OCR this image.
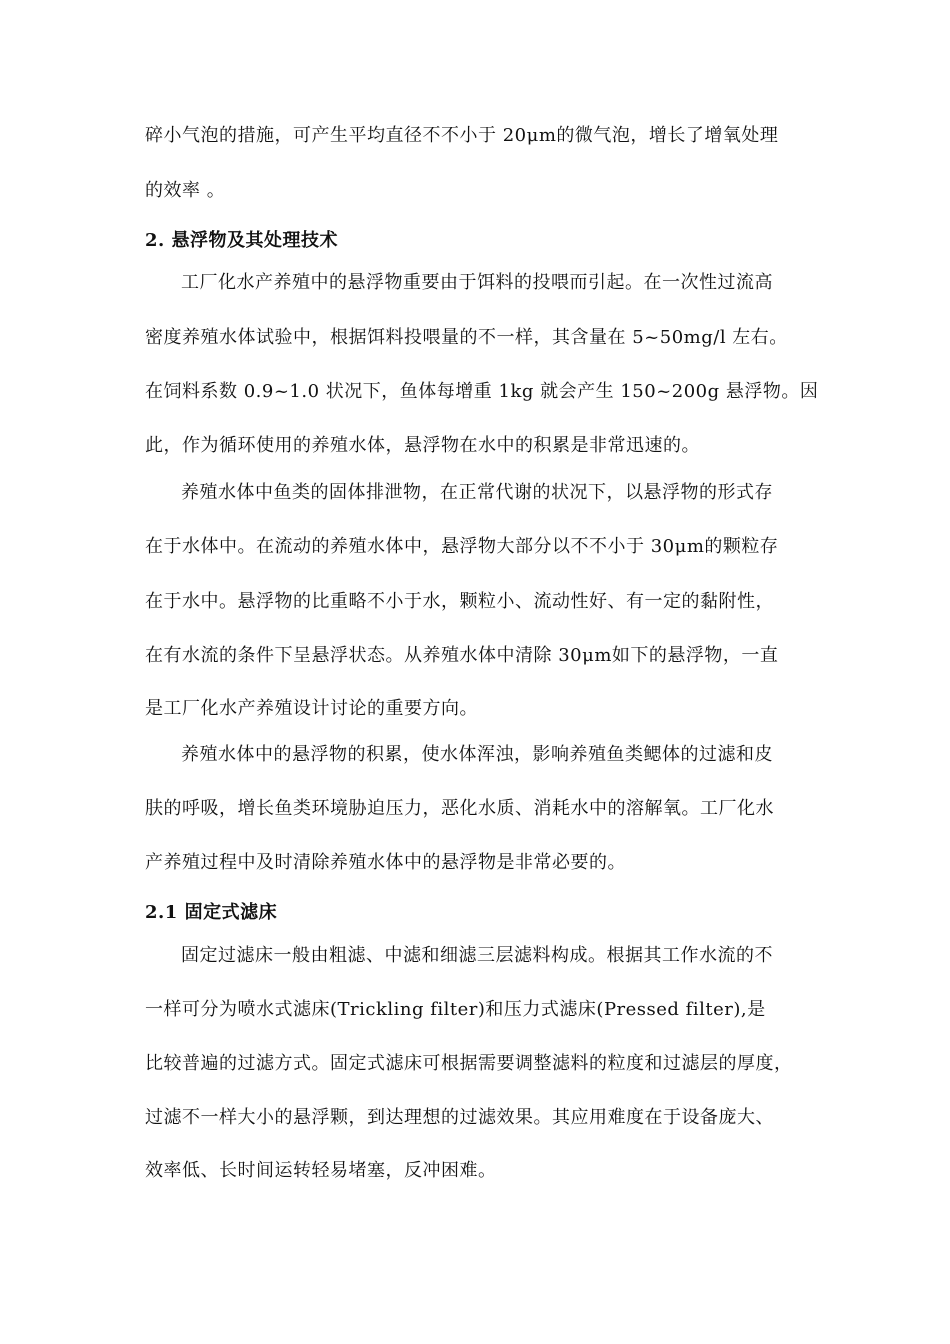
碎小气泡的措施，可产生平均直径不不小于 20μm的微气泡，增长了增氧处理
的效率 。
2. 悬浮物及其处理技术
工厂化水产养殖中的悬浮物重要由于饵料的投喂而引起。在一次性过流高
密度养殖水体试验中，根据饵料投喂量的不一样，其含量在 5~50mg/l 左右。
在饲料系数 0.9~1.0 状况下，鱼体每增重 1kg 就会产生 150~200g 悬浮物。因
此，作为循环使用的养殖水体，悬浮物在水中的积累是非常迅速的。
养殖水体中鱼类的固体排泄物，在正常代谢的状况下，以悬浮物的形式存
在于水体中。在流动的养殖水体中，悬浮物大部分以不不小于 30μm的颗粒存
在于水中。悬浮物的比重略不小于水，颗粒小、流动性好、有一定的黏附性，
在有水流的条件下呈悬浮状态。从养殖水体中清除 30μm如下的悬浮物，一直
是工厂化水产养殖设计讨论的重要方向。
养殖水体中的悬浮物的积累，使水体浑浊，影响养殖鱼类鳃体的过滤和皮
肤的呼吸，增长鱼类环境胁迫压力，恶化水质、消耗水中的溶解氧。工厂化水
产养殖过程中及时清除养殖水体中的悬浮物是非常必要的。
2.1 固定式滤床
固定过滤床一般由粗滤、中滤和细滤三层滤料构成。根据其工作水流的不
一样可分为喷水式滤床(Trickling filter)和压力式滤床(Pressed filter),是
比较普遍的过滤方式。固定式滤床可根据需要调整滤料的粒度和过滤层的厚度，
过滤不一样大小的悬浮颗，到达理想的过滤效果。其应用难度在于设备庞大、
效率低、长时间运转轻易堵塞，反冲困难。
